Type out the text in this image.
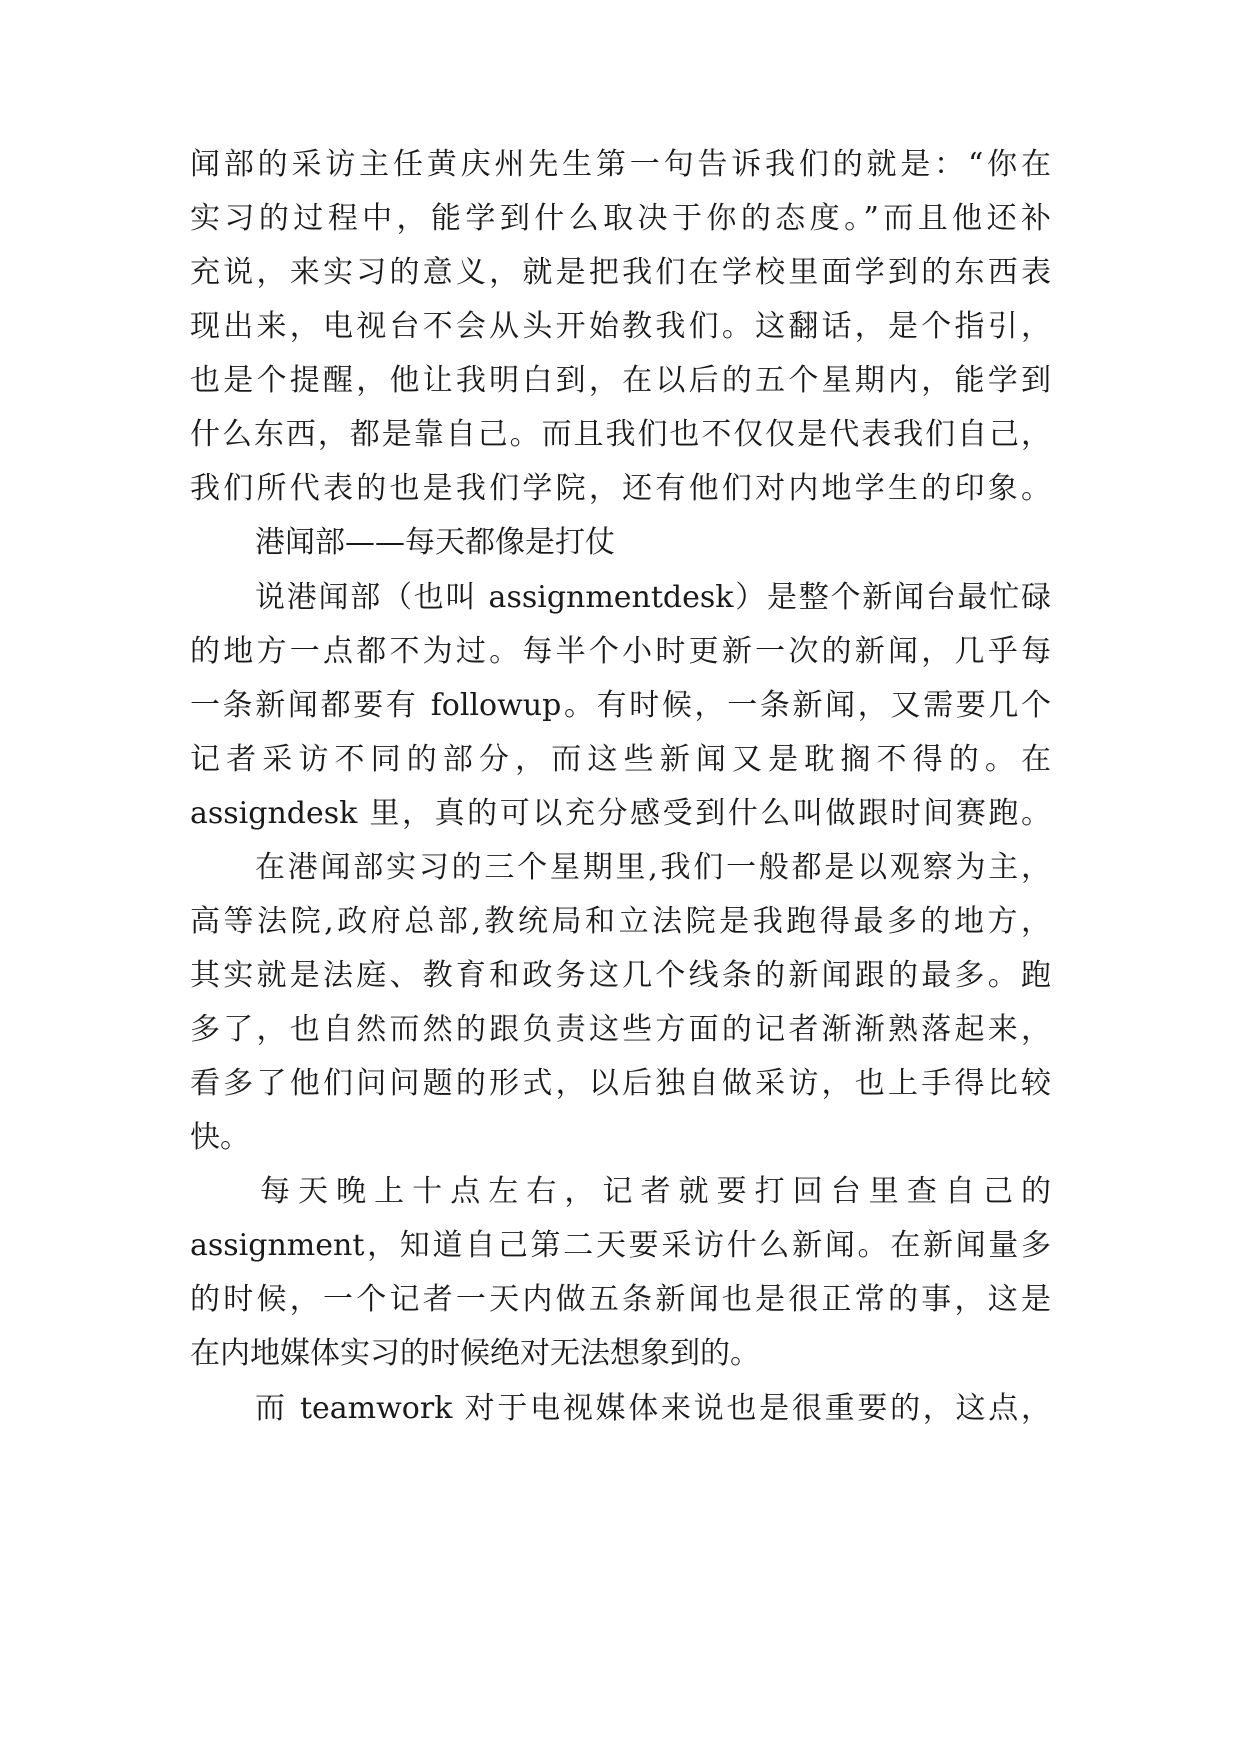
闻部的采访主任黄庆州先生第一句告诉我们的就是：“你在
实习的过程中，能学到什么取决于你的态度。”而且他还补
充说，来实习的意义，就是把我们在学校里面学到的东西表
现出来，电视台不会从头开始教我们。这翻话，是个指引，
也是个提醒，他让我明白到，在以后的五个星期内，能学到
什么东西，都是靠自己。而且我们也不仅仅是代表我们自己，
我们所代表的也是我们学院，还有他们对内地学生的印象。
港闻部——每天都像是打仗
说港闻部（也叫 assignmentdesk）是整个新闻台最忙碌
的地方一点都不为过。每半个小时更新一次的新闻，几乎每
一条新闻都要有 followup。有时候，一条新闻，又需要几个
记者采访不同的部分，而这些新闻又是耽搁不得的。在
assigndesk 里，真的可以充分感受到什么叫做跟时间赛跑。
在港闻部实习的三个星期里,我们一般都是以观察为主，
高等法院,政府总部,教统局和立法院是我跑得最多的地方，
其实就是法庭、教育和政务这几个线条的新闻跟的最多。跑
多了，也自然而然的跟负责这些方面的记者渐渐熟落起来，
看多了他们问问题的形式，以后独自做采访，也上手得比较
快。
每天晚上十点左右，记者就要打回台里查自己的
assignment，知道自己第二天要采访什么新闻。在新闻量多
的时候，一个记者一天内做五条新闻也是很正常的事，这是
在内地媒体实习的时候绝对无法想象到的。
而 teamwork 对于电视媒体来说也是很重要的，这点，
